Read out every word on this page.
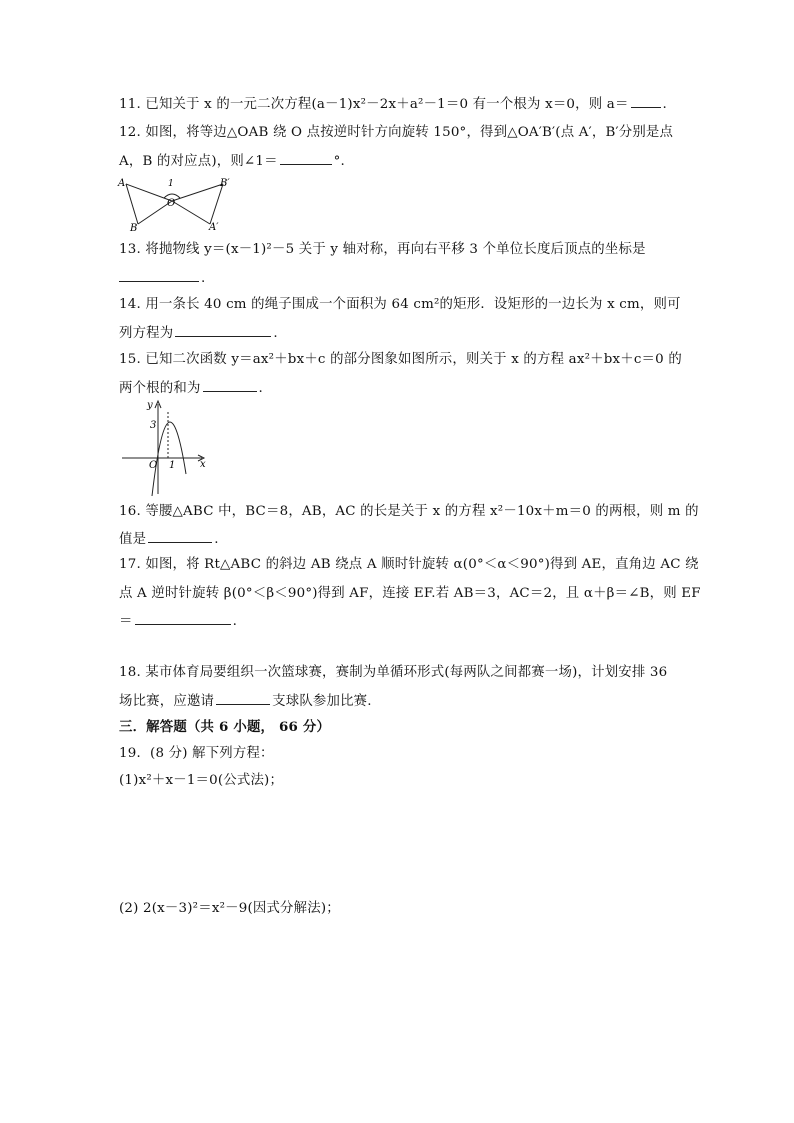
11. 已知关于 x 的一元二次方程(a－1)x²－2x＋a²－1＝0 有一个根为 x＝0，则 a＝	.
12. 如图，将等边△OAB 绕 O 点按逆时针方向旋转 150°，得到△OA′B′(点 A′，B′分别是点
A，B 的对应点)，则∠1＝	°.
A
B
O
1	B′
A′
13. 将抛物线 y＝(x－1)²－5 关于 y 轴对称，再向右平移 3 个单位长度后顶点的坐标是
.
14. 用一条长 40 cm 的绳子围成一个面积为 64 cm²的矩形．设矩形的一边长为 x cm，则可
列方程为	.
15. 已知二次函数 y＝ax²＋bx＋c 的部分图象如图所示，则关于 x 的方程 ax²＋bx＋c＝0 的
两个根的和为	.
y
x
O
3
1
16. 等腰△ABC 中，BC＝8，AB，AC 的长是关于 x 的方程 x²－10x＋m＝0 的两根，则 m 的
值是	.
17. 如图，将 Rt△ABC 的斜边 AB 绕点 A 顺时针旋转 α(0°＜α＜90°)得到 AE，直角边 AC 绕
点 A 逆时针旋转 β(0°＜β＜90°)得到 AF，连接 EF.若 AB＝3，AC＝2，且 α＋β＝∠B，则 EF
＝	.
18. 某市体育局要组织一次篮球赛，赛制为单循环形式(每两队之间都赛一场)，计划安排 36
场比赛，应邀请	支球队参加比赛.
三．解答题（共 6 小题， 66 分）
19．(8 分) 解下列方程：
(1)x²＋x－1＝0(公式法)；
(2) 2(x－3)²＝x²－9(因式分解法)；
